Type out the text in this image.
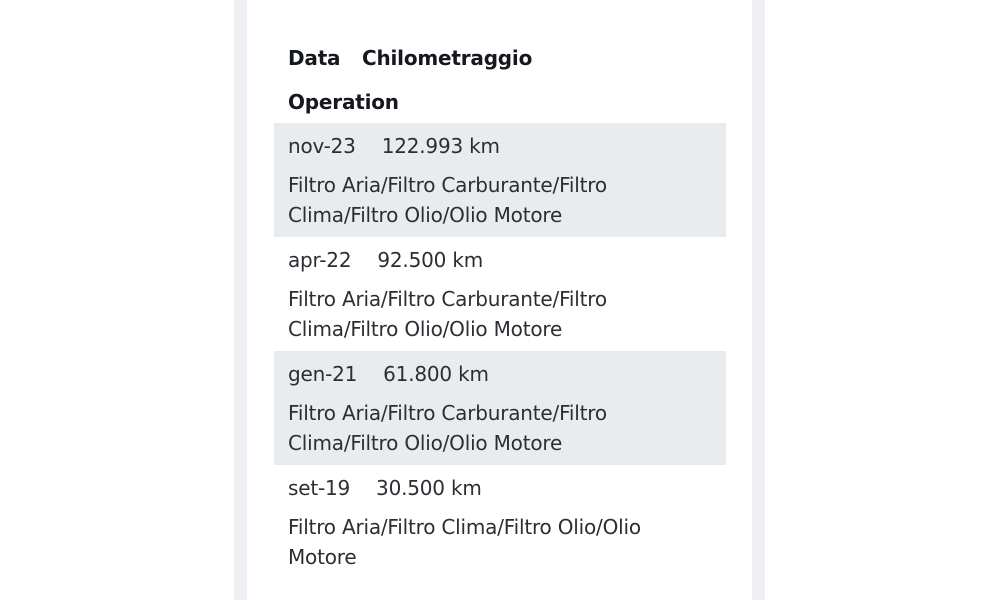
Data	Chilometraggio
Operation
nov-23 122.993 km
Filtro Aria/Filtro Carburante/Filtro Clima/Filtro Olio/Olio Motore
apr-22 92.500 km
Filtro Aria/Filtro Carburante/Filtro Clima/Filtro Olio/Olio Motore
gen-21 61.800 km
Filtro Aria/Filtro Carburante/Filtro Clima/Filtro Olio/Olio Motore
set-19 30.500 km
Filtro Aria/Filtro Clima/Filtro Olio/Olio Motore
